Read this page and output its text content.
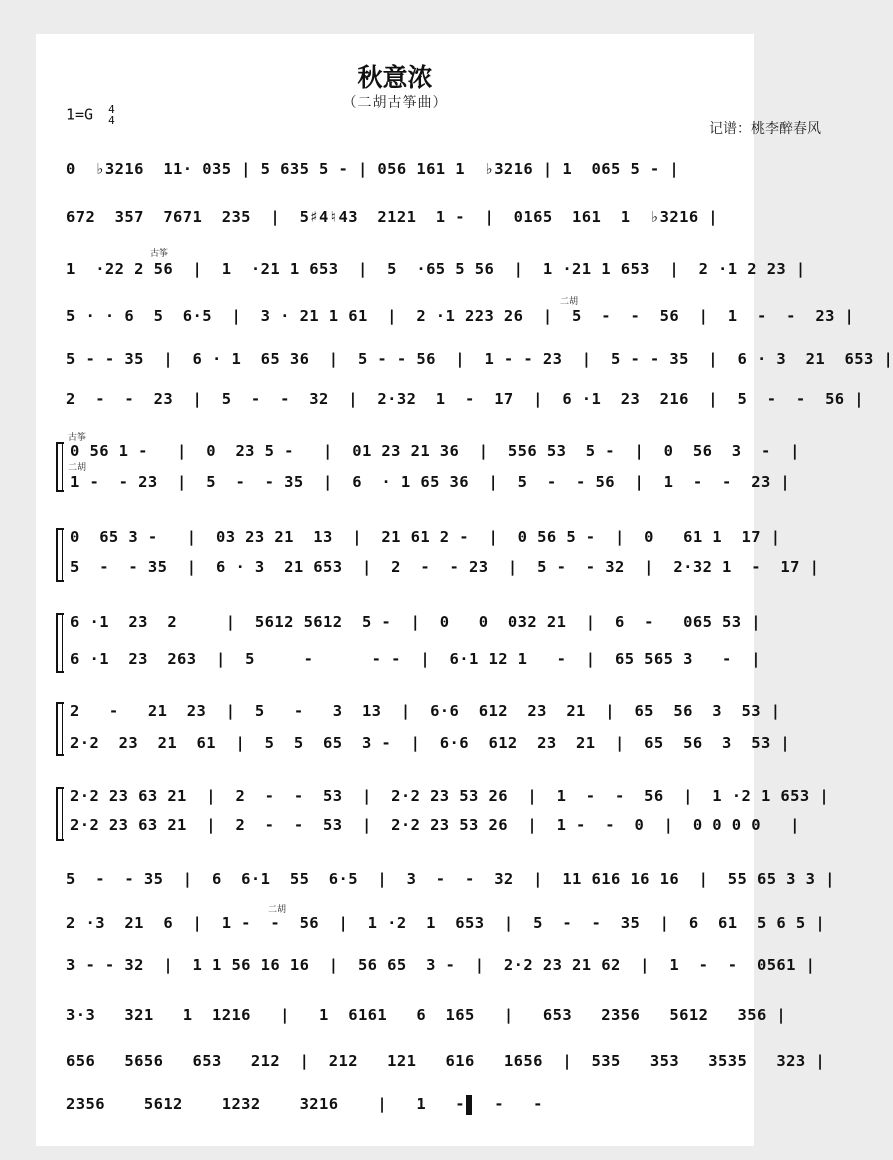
秋意浓
（二胡古筝曲）
1=G 4
4
记谱：桃李醉春风
0  ♭3216  11· 035 | 5 635 5 - | 056 161 1  ♭3216 | 1  065 5 - |
672  357  7671  235  |  5♯4♮43  2121  1 -  |  0165  161  1  ♭3216 |
古筝
1  ·22 2 56  |  1  ·21 1 653  |  5  ·65 5 56  |  1 ·21 1 653  |  2 ·1 2 23 |
二胡
5 · · 6  5  6·5  |  3 · 21 1 61  |  2 ·1 223 26  |  5  -  -  56  |  1  -  -  23 |
5 - - 35  |  6 · 1  65 36  |  5 - - 56  |  1 - - 23  |  5 - - 35  |  6 · 3  21  653 |
2  -  -  23  |  5  -  -  32  |  2·32  1  -  17  |  6 ·1  23  216  |  5  -  -  56 |
古筝
0 56 1 -   |  0  23 5 -   |  01 23 21 36  |  556 53  5 -  |  0  56  3  -  |
二胡
1 -  - 23  |  5  -  - 35  |  6  · 1 65 36  |  5  -  - 56  |  1  -  -  23 |
0  65 3 -   |  03 23 21  13  |  21 61 2 -  |  0 56 5 -  |  0   61 1  17 |
5  -  - 35  |  6 · 3  21 653  |  2  -  - 23  |  5 -  - 32  |  2·32 1  -  17 |
6 ·1  23  2     |  5612 5612  5 -  |  0   0  032 21  |  6  -   065 53 |
6 ·1  23  263  |  5     -      - -  |  6·1 12 1   -  |  65 565 3   -  |
2   -   21  23  |  5   -   3  13  |  6·6  612  23  21  |  65  56  3  53 |
2·2  23  21  61  |  5  5  65  3 -  |  6·6  612  23  21  |  65  56  3  53 |
2·2 23 63 21  |  2  -  -  53  |  2·2 23 53 26  |  1  -  -  56  |  1 ·2 1 653 |
2·2 23 63 21  |  2  -  -  53  |  2·2 23 53 26  |  1 -  -  0  |  0 0 0 0   |
5  -  - 35  |  6  6·1  55  6·5  |  3  -  -  32  |  11 616 16 16  |  55 65 3 3 |
二胡
2 ·3  21  6  |  1 -  -  56  |  1 ·2  1  653  |  5  -  -  35  |  6  61  5 6 5 |
3 - - 32  |  1 1 56 16 16  |  56 65  3 -  |  2·2 23 21 62  |  1  -  -  0561 |
3·3   321   1  1216   |   1  6161   6  165   |   653   2356   5612   356 |
656   5656   653   212  |  212   121   616   1656  |  535   353   3535   323 |
2356    5612    1232    3216    |   1   -   -   -
